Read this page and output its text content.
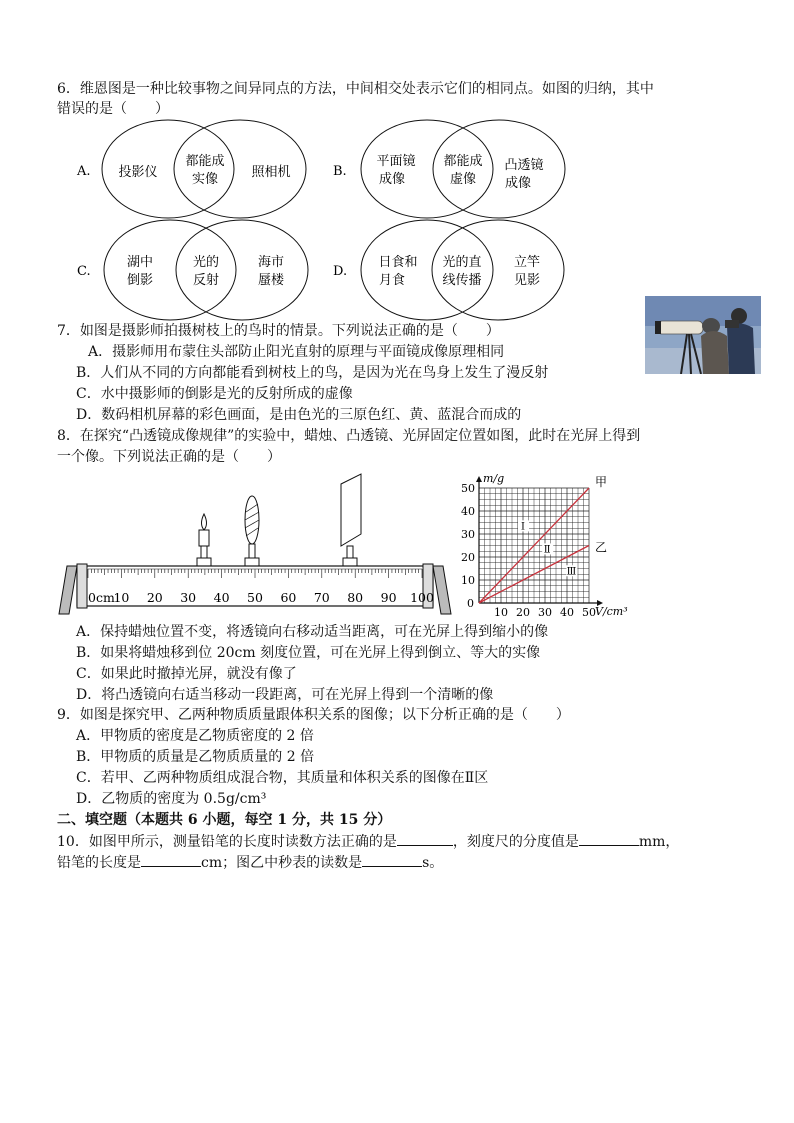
6．维恩图是一种比较事物之间异同点的方法，中间相交处表示它们的相同点。如图的归纳，其中
错误的是（　　）
A. 投影仪
都能成
实像	照相机	B.
平面镜
成像
都能成
虚像
凸透镜
成像
C.
湖中
倒影
光的
反射
海市
蜃楼
D.
日食和
月食
光的直
线传播
立竿
见影
7．如图是摄影师拍摄树枝上的鸟时的情景。下列说法正确的是（　　）
A．摄影师用布蒙住头部防止阳光直射的原理与平面镜成像原理相同
B．人们从不同的方向都能看到树枝上的鸟，是因为光在鸟身上发生了漫反射
C．水中摄影师的倒影是光的反射所成的虚像
D．数码相机屏幕的彩色画面，是由色光的三原色红、黄、蓝混合而成的
8．在探究“凸透镜成像规律”的实验中，蜡烛、凸透镜、光屏固定位置如图，此时在光屏上得到
一个像。下列说法正确的是（　　）
0cm
10 20 30 40 50 60 70 80 90 100
10
20
30
40
50
10 20 30 40 50
0
m/g
V/cm³
甲
乙
Ⅰ
Ⅱ
Ⅲ
A．保持蜡烛位置不变，将透镜向右移动适当距离，可在光屏上得到缩小的像
B．如果将蜡烛移到位 20cm 刻度位置，可在光屏上得到倒立、等大的实像
C．如果此时撤掉光屏，就没有像了
D．将凸透镜向右适当移动一段距离，可在光屏上得到一个清晰的像
9．如图是探究甲、乙两种物质质量跟体积关系的图像；以下分析正确的是（　　）
A．甲物质的密度是乙物质密度的 2 倍
B．甲物质的质量是乙物质质量的 2 倍
C．若甲、乙两种物质组成混合物，其质量和体积关系的图像在Ⅱ区
D．乙物质的密度为 0.5g/cm³
二、填空题（本题共 6 小题，每空 1 分，共 15 分）
10．如图甲所示，测量铅笔的长度时读数方法正确的是	，刻度尺的分度值是	mm，
铅笔的长度是	cm；图乙中秒表的读数是	s。
